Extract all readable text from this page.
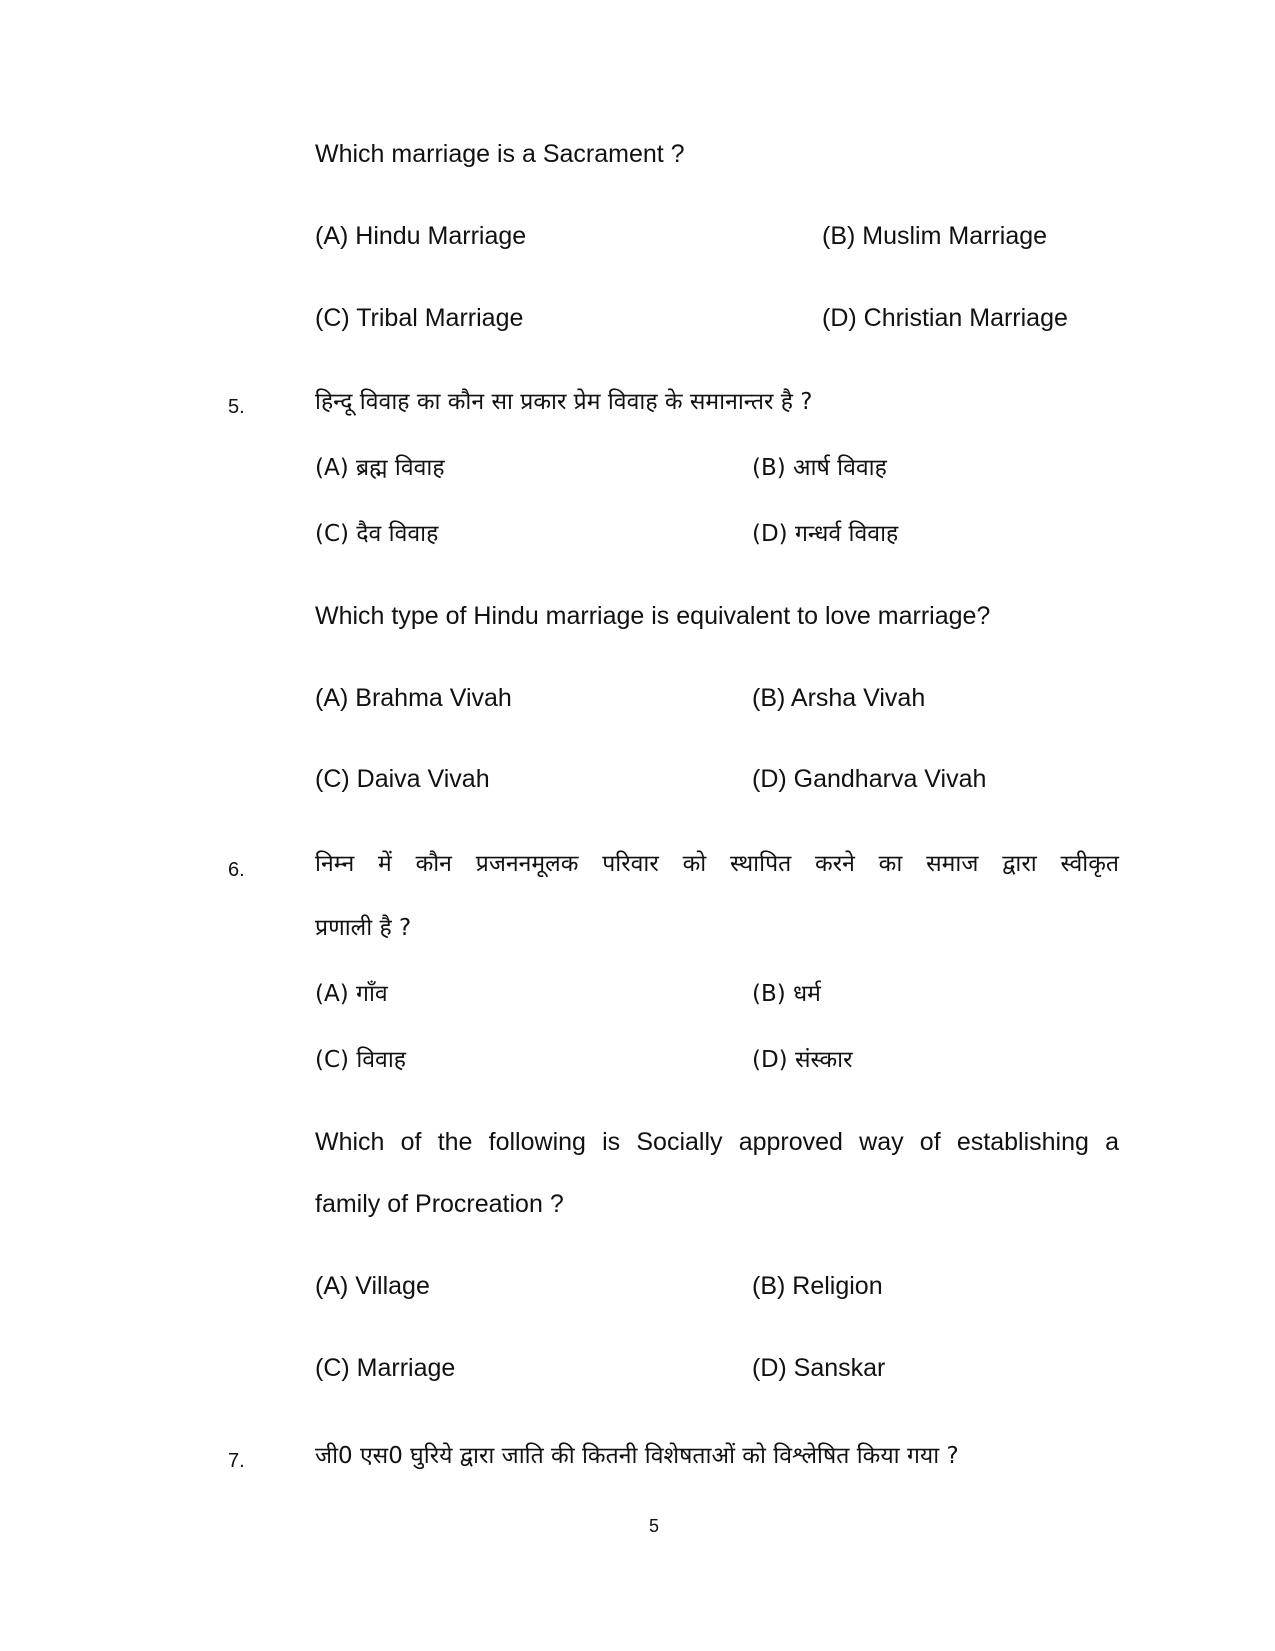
Which marriage is a Sacrament ?
(A) Hindu Marriage	(B) Muslim Marriage
(C) Tribal Marriage	(D) Christian Marriage
5.	हिन्दू विवाह का कौन सा प्रकार प्रेम विवाह के समानान्तर है ?
(A) ब्रह्म विवाह	(B) आर्ष विवाह
(C) दैव विवाह	(D) गन्धर्व विवाह
Which type of Hindu marriage is equivalent to love marriage?
(A) Brahma Vivah	(B) Arsha Vivah
(C) Daiva Vivah	(D) Gandharva Vivah
6.	निम्न में कौन प्रजननमूलक परिवार को स्थापित करने का समाज द्वारा स्वीकृत
प्रणाली है ?
(A) गाँव	(B) धर्म
(C) विवाह	(D) संस्कार
Which of the following is Socially approved way of establishing a
family of Procreation ?
(A) Village	(B) Religion
(C) Marriage	(D) Sanskar
7.	जी0 एस0 घुरिये द्वारा जाति की कितनी विशेषताओं को विश्लेषित किया गया ?
5
